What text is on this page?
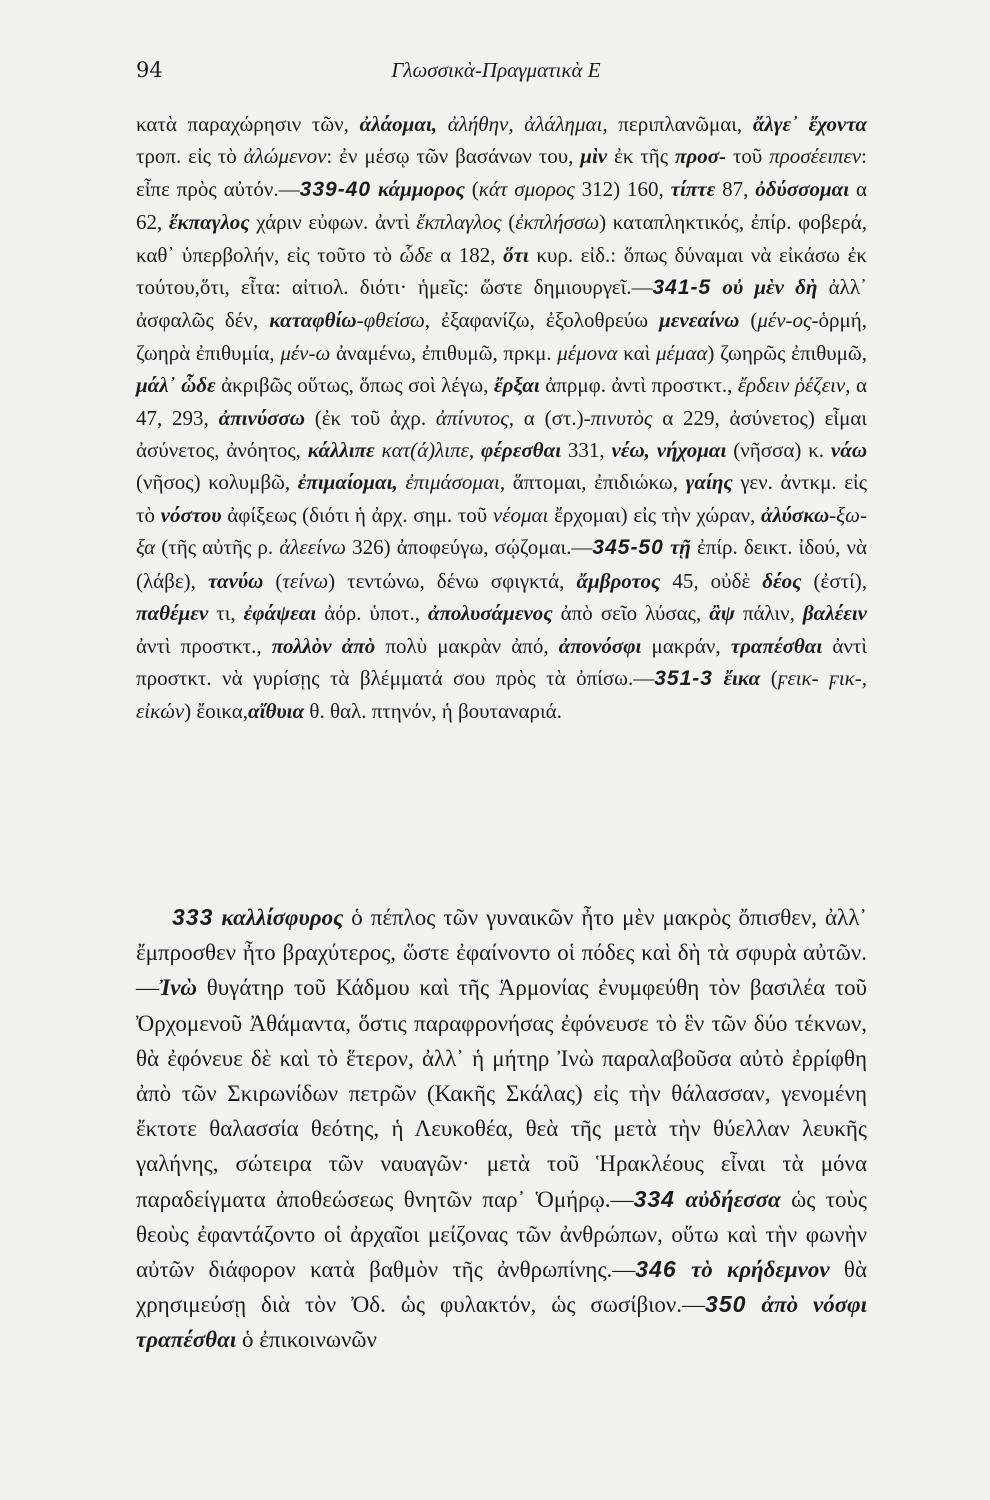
94	Γλωσσικὰ-Πραγματικὰ Ε

κατὰ παραχώρησιν τῶν, ἀλάομαι, ἀλήθην, ἀλάλημαι, περιπλανῶμαι, ἄλγε᾽ ἔχοντα τροπ. εἰς τὸ ἀλώμενον: ἐν μέσῳ τῶν βασάνων του, μὶν ἐκ τῆς προσ- τοῦ προσέειπεν: εἶπε πρὸς αὐτόν.—339-40 κάμμορος (κάτ σμορος 312) 160, τίπτε 87, ὀδύσσομαι α 62, ἔκπαγλος χάριν εὐφων. ἀντὶ ἔκπλαγλος (ἐκπλήσσω) καταπληκτικός, ἐπίρ. φοβερά, καθ᾽ ὑπερβολήν, εἰς τοῦτο τὸ ὧδε α 182, ὅτι κυρ. εἰδ.: ὅπως δύναμαι νὰ εἰκάσω ἐκ τούτου,ὅτι, εἶτα: αἰτιολ. διότι· ἡμεῖς: ὥστε δημιουργεῖ.—341-5 οὐ μὲν δὴ ἀλλ᾽ ἀσφαλῶς δέν, καταφθίω-φθείσω, ἐξαφανίζω, ἐξολοθρεύω μενεαίνω (μέν-ος-ὁρμή, ζωηρὰ ἐπιθυμία, μέν-ω ἀναμένω, ἐπιθυμῶ, πρκμ. μέμονα καὶ μέμαα) ζωηρῶς ἐπιθυμῶ, μάλ᾽ ὧδε ἀκριβῶς οὕτως, ὅπως σοὶ λέγω, ἔρξαι ἀπρμφ. ἀντὶ προστκτ., ἔρδειν ῥέζειν, α 47, 293, ἀπινύσσω (ἐκ τοῦ ἀχρ. ἀπίνυτος, α (στ.)-πινυτὸς α 229, ἀσύνετος) εἶμαι ἀσύνετος, ἀνόητος, κάλλιπε κατ(ά)λιπε, φέρεσθαι 331, νέω, νήχομαι (νῆσσα) κ. νάω (νῆσος) κολυμβῶ, ἐπιμαίομαι, ἐπιμάσομαι, ἅπτομαι, ἐπιδιώκω, γαίης γεν. ἀντκμ. εἰς τὸ νόστου ἀφίξεως (διότι ἡ ἀρχ. σημ. τοῦ νέομαι ἔρχομαι) εἰς τὴν χώραν, ἀλύσκω-ξω-ξα (τῆς αὐτῆς ρ. ἀλεείνω 326) ἀποφεύγω, σῴζομαι.—345-50 τῇ ἐπίρ. δεικτ. ἰδού, νὰ (λάβε), τανύω (τείνω) τεντώνω, δένω σφιγκτά, ἄμβροτος 45, οὐδὲ δέος (ἐστί), παθέμεν τι, ἐφάψεαι ἀόρ. ὑποτ., ἀπολυσάμενος ἀπὸ σεῖο λύσας, ἂψ πάλιν, βαλέειν ἀντὶ προστκτ., πολλὸν ἀπὸ πολὺ μακρὰν ἀπό, ἀπονόσφι μακράν, τραπέσθαι ἀντὶ προστκτ. νὰ γυρίσῃς τὰ βλέμματά σου πρὸς τὰ ὀπίσω.—351-3 ἔικα (ϝεικ- ϝικ-, εἰκών) ἔοικα,αἴθυια θ. θαλ. πτηνόν, ἡ βουταναριά.

333 καλλίσφυρος ὁ πέπλος τῶν γυναικῶν ἦτο μὲν μακρὸς ὄπισθεν, ἀλλ᾽ ἔμπροσθεν ἦτο βραχύτερος, ὥστε ἐφαίνοντο οἱ πόδες καὶ δὴ τὰ σφυρὰ αὐτῶν.—Ἰνὼ θυγάτηρ τοῦ Κάδμου καὶ τῆς Ἁρμονίας ἐνυμφεύθη τὸν βασιλέα τοῦ Ὀρχομενοῦ Ἀθάμαντα, ὅστις παραφρονήσας ἐφόνευσε τὸ ἓν τῶν δύο τέκνων, θὰ ἐφόνευε δὲ καὶ τὸ ἕτερον, ἀλλ᾽ ἡ μήτηρ Ἰνὼ παραλαβοῦσα αὐτὸ ἐρρίφθη ἀπὸ τῶν Σκιρωνίδων πετρῶν (Κακῆς Σκάλας) εἰς τὴν θάλασσαν, γενομένη ἔκτοτε θαλασσία θεότης, ἡ Λευκοθέα, θεὰ τῆς μετὰ τὴν θύελλαν λευκῆς γαλήνης, σώτειρα τῶν ναυαγῶν· μετὰ τοῦ Ἡρακλέους εἶναι τὰ μόνα παραδείγματα ἀποθεώσεως θνητῶν παρ᾽ Ὁμήρῳ.—334 αὐδήεσσα ὡς τοὺς θεοὺς ἐφαντάζοντο οἱ ἀρχαῖοι μείζονας τῶν ἀνθρώπων, οὕτω καὶ τὴν φωνὴν αὐτῶν διάφορον κατὰ βαθμὸν τῆς ἀνθρωπίνης.—346 τὸ κρήδεμνον θὰ χρησιμεύσῃ διὰ τὸν Ὀδ. ὡς φυλακτόν, ὡς σωσίβιον.—350 ἀπὸ νόσφι τραπέσθαι ὁ ἐπικοινωνῶν
